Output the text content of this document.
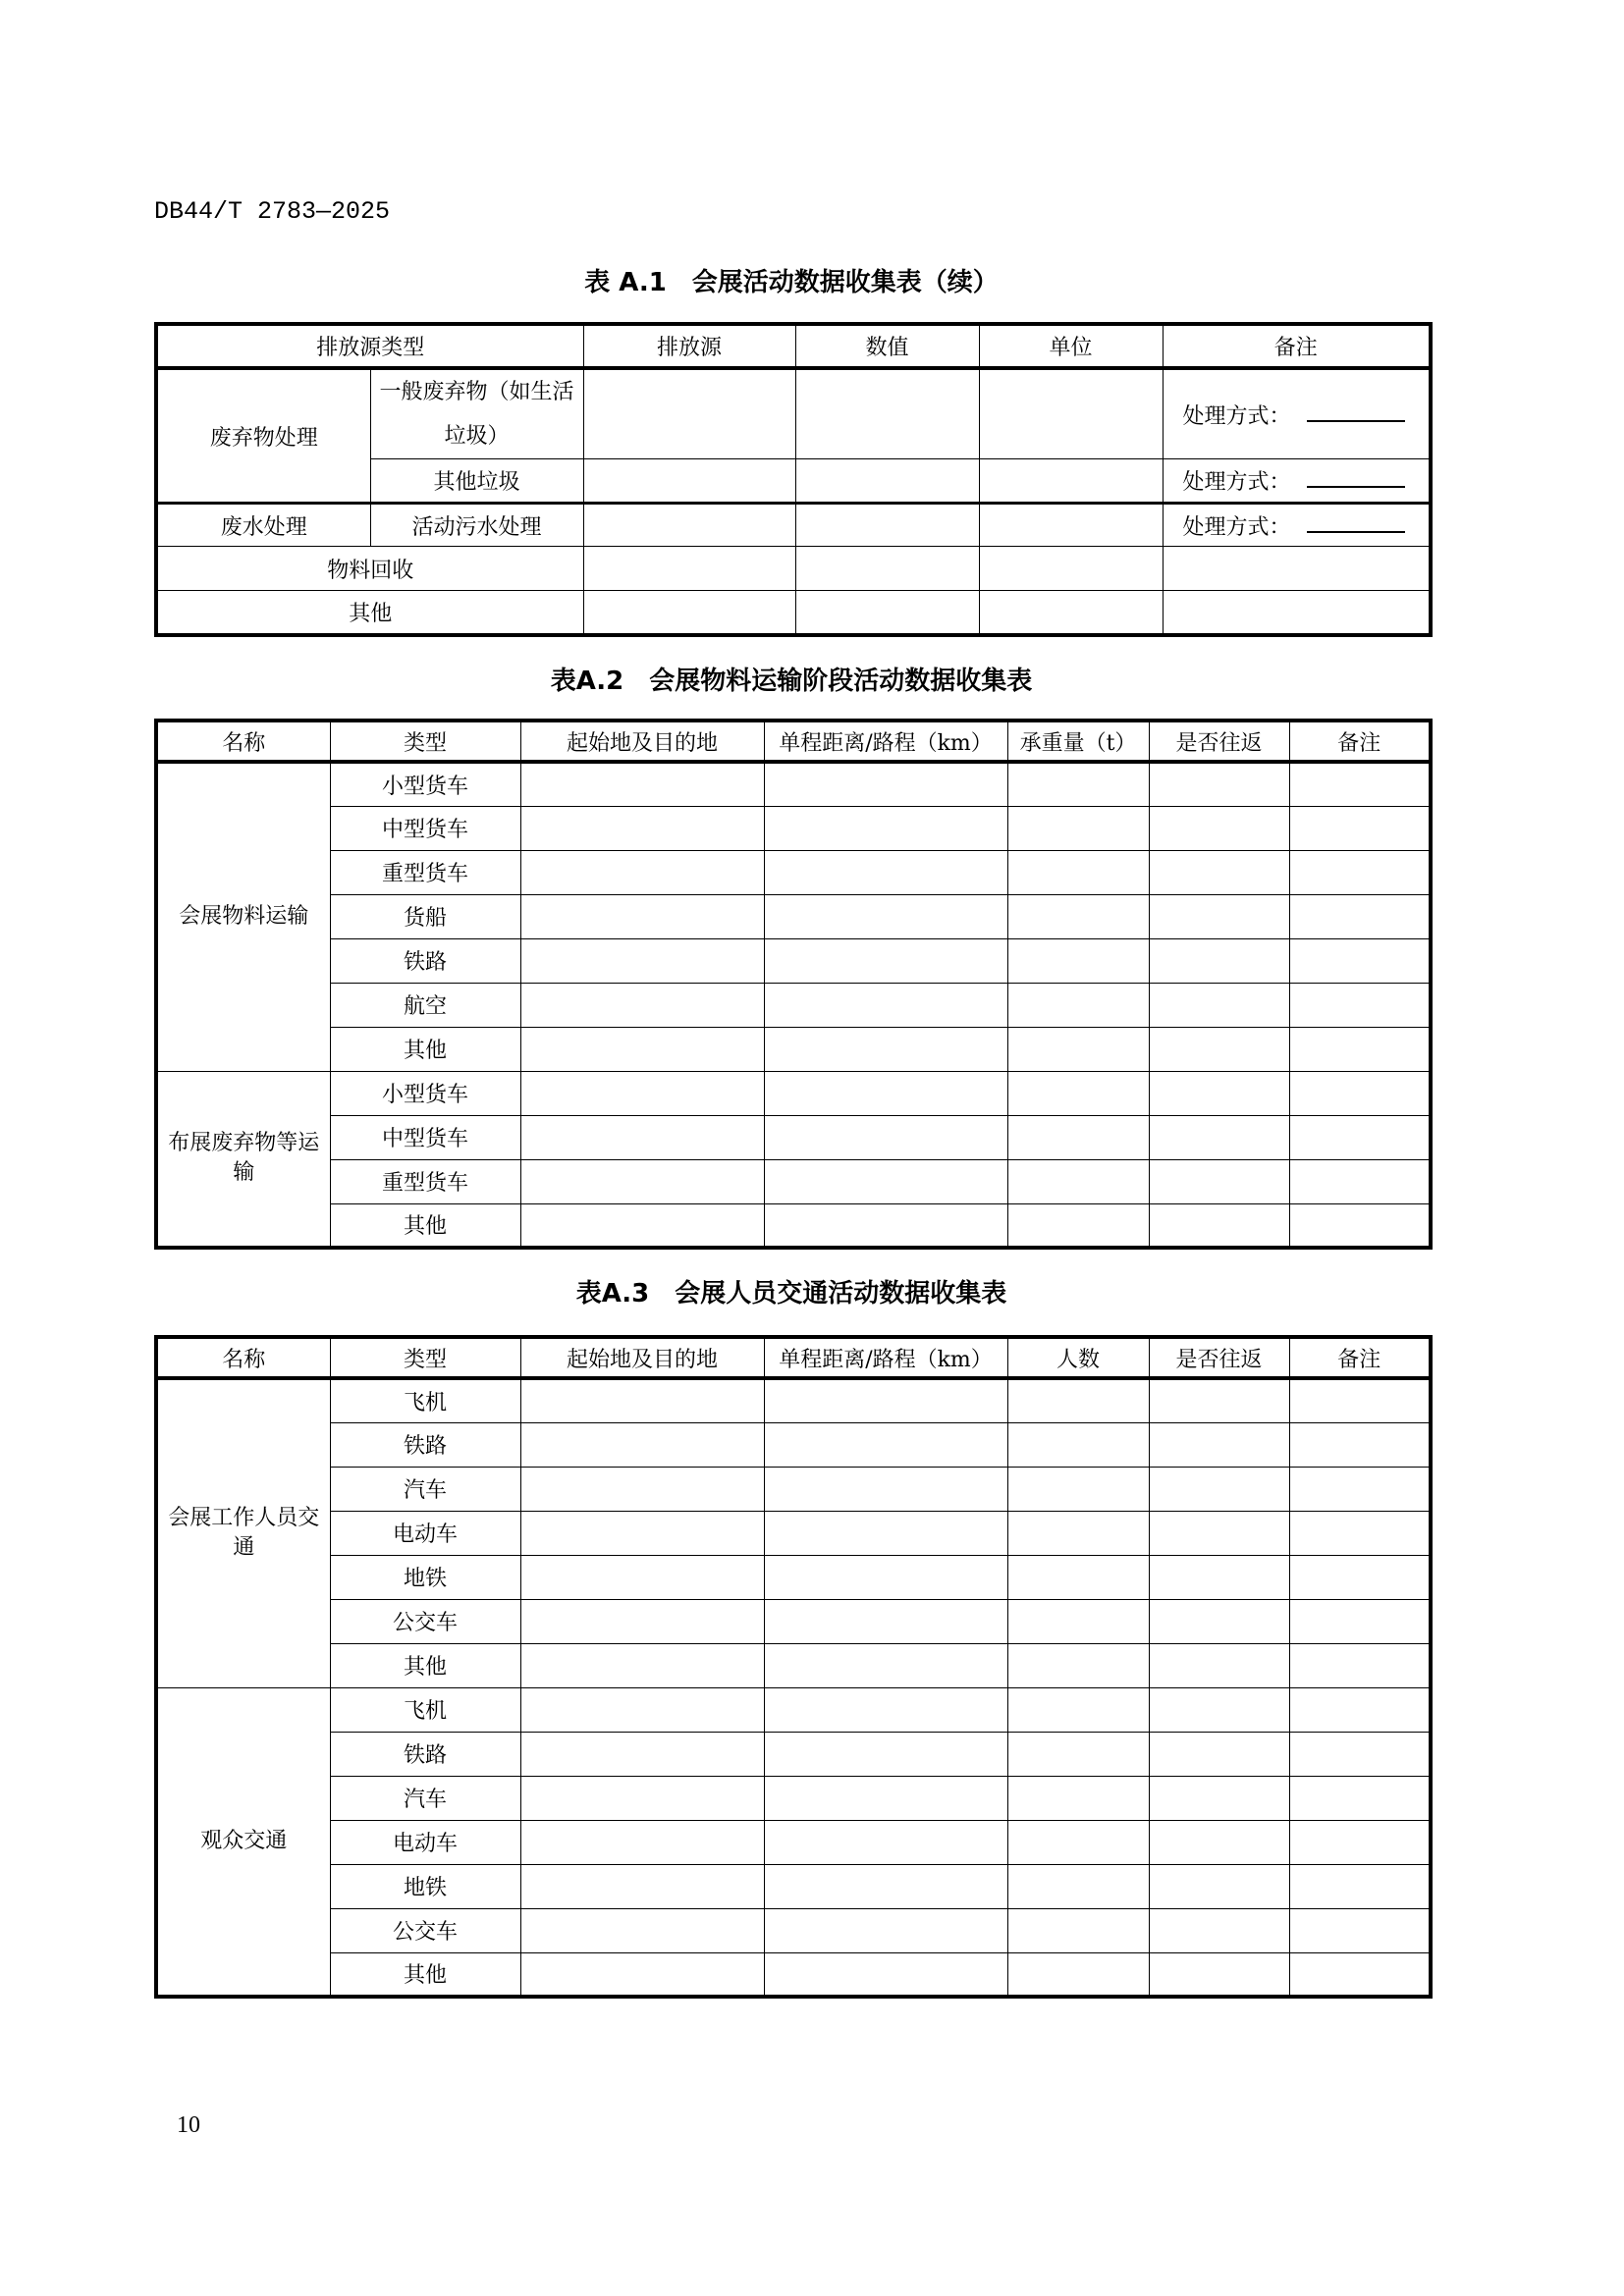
DB44/T 2783—2025
表 A.1　会展活动数据收集表（续）
排放源类型		排放源	数值	单位	备注
废弃物处理	一般废弃物（如生活垃圾）				处理方式：
	其他垃圾				处理方式：
废水处理	活动污水处理				处理方式：
物料回收					
其他					
表A.2　会展物料运输阶段活动数据收集表
名称	类型	起始地及目的地	单程距离/路程（km）	承重量（t）	是否往返	备注
会展物料运输	小型货车					
	中型货车					
	重型货车					
	货船					
	铁路					
	航空					
	其他					
布展废弃物等运输	小型货车					
	中型货车					
	重型货车					
	其他					
表A.3　会展人员交通活动数据收集表
名称	类型	起始地及目的地	单程距离/路程（km）	人数	是否往返	备注
会展工作人员交通	飞机					
	铁路					
	汽车					
	电动车					
	地铁					
	公交车					
	其他					
观众交通	飞机					
	铁路					
	汽车					
	电动车					
	地铁					
	公交车					
	其他					
10
